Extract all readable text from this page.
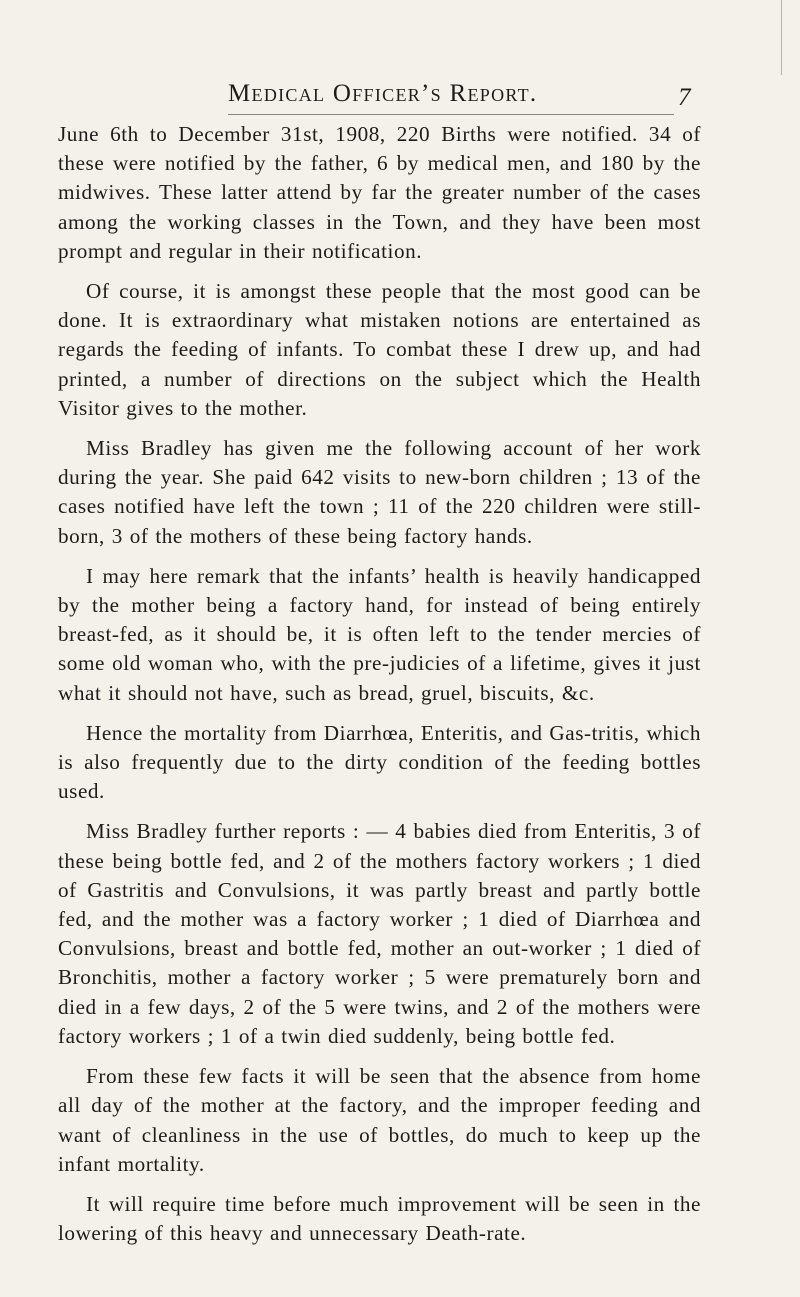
Medical Officer’s Report.	7

June 6th to December 31st, 1908, 220 Births were notified. 34 of these were notified by the father, 6 by medical men, and 180 by the midwives. These latter attend by far the greater number of the cases among the working classes in the Town, and they have been most prompt and regular in their notification.

Of course, it is amongst these people that the most good can be done. It is extraordinary what mistaken notions are entertained as regards the feeding of infants. To combat these I drew up, and had printed, a number of directions on the subject which the Health Visitor gives to the mother.

Miss Bradley has given me the following account of her work during the year. She paid 642 visits to new-born children ; 13 of the cases notified have left the town ; 11 of the 220 children were still-born, 3 of the mothers of these being factory hands.

I may here remark that the infants’ health is heavily handicapped by the mother being a factory hand, for instead of being entirely breast-fed, as it should be, it is often left to the tender mercies of some old woman who, with the pre-judicies of a lifetime, gives it just what it should not have, such as bread, gruel, biscuits, &c.

Hence the mortality from Diarrhœa, Enteritis, and Gas-tritis, which is also frequently due to the dirty condition of the feeding bottles used.

Miss Bradley further reports : — 4 babies died from Enteritis, 3 of these being bottle fed, and 2 of the mothers factory workers ; 1 died of Gastritis and Convulsions, it was partly breast and partly bottle fed, and the mother was a factory worker ; 1 died of Diarrhœa and Convulsions, breast and bottle fed, mother an out-worker ; 1 died of Bronchitis, mother a factory worker ; 5 were prematurely born and died in a few days, 2 of the 5 were twins, and 2 of the mothers were factory workers ; 1 of a twin died suddenly, being bottle fed.

From these few facts it will be seen that the absence from home all day of the mother at the factory, and the improper feeding and want of cleanliness in the use of bottles, do much to keep up the infant mortality.

It will require time before much improvement will be seen in the lowering of this heavy and unnecessary Death-rate.
